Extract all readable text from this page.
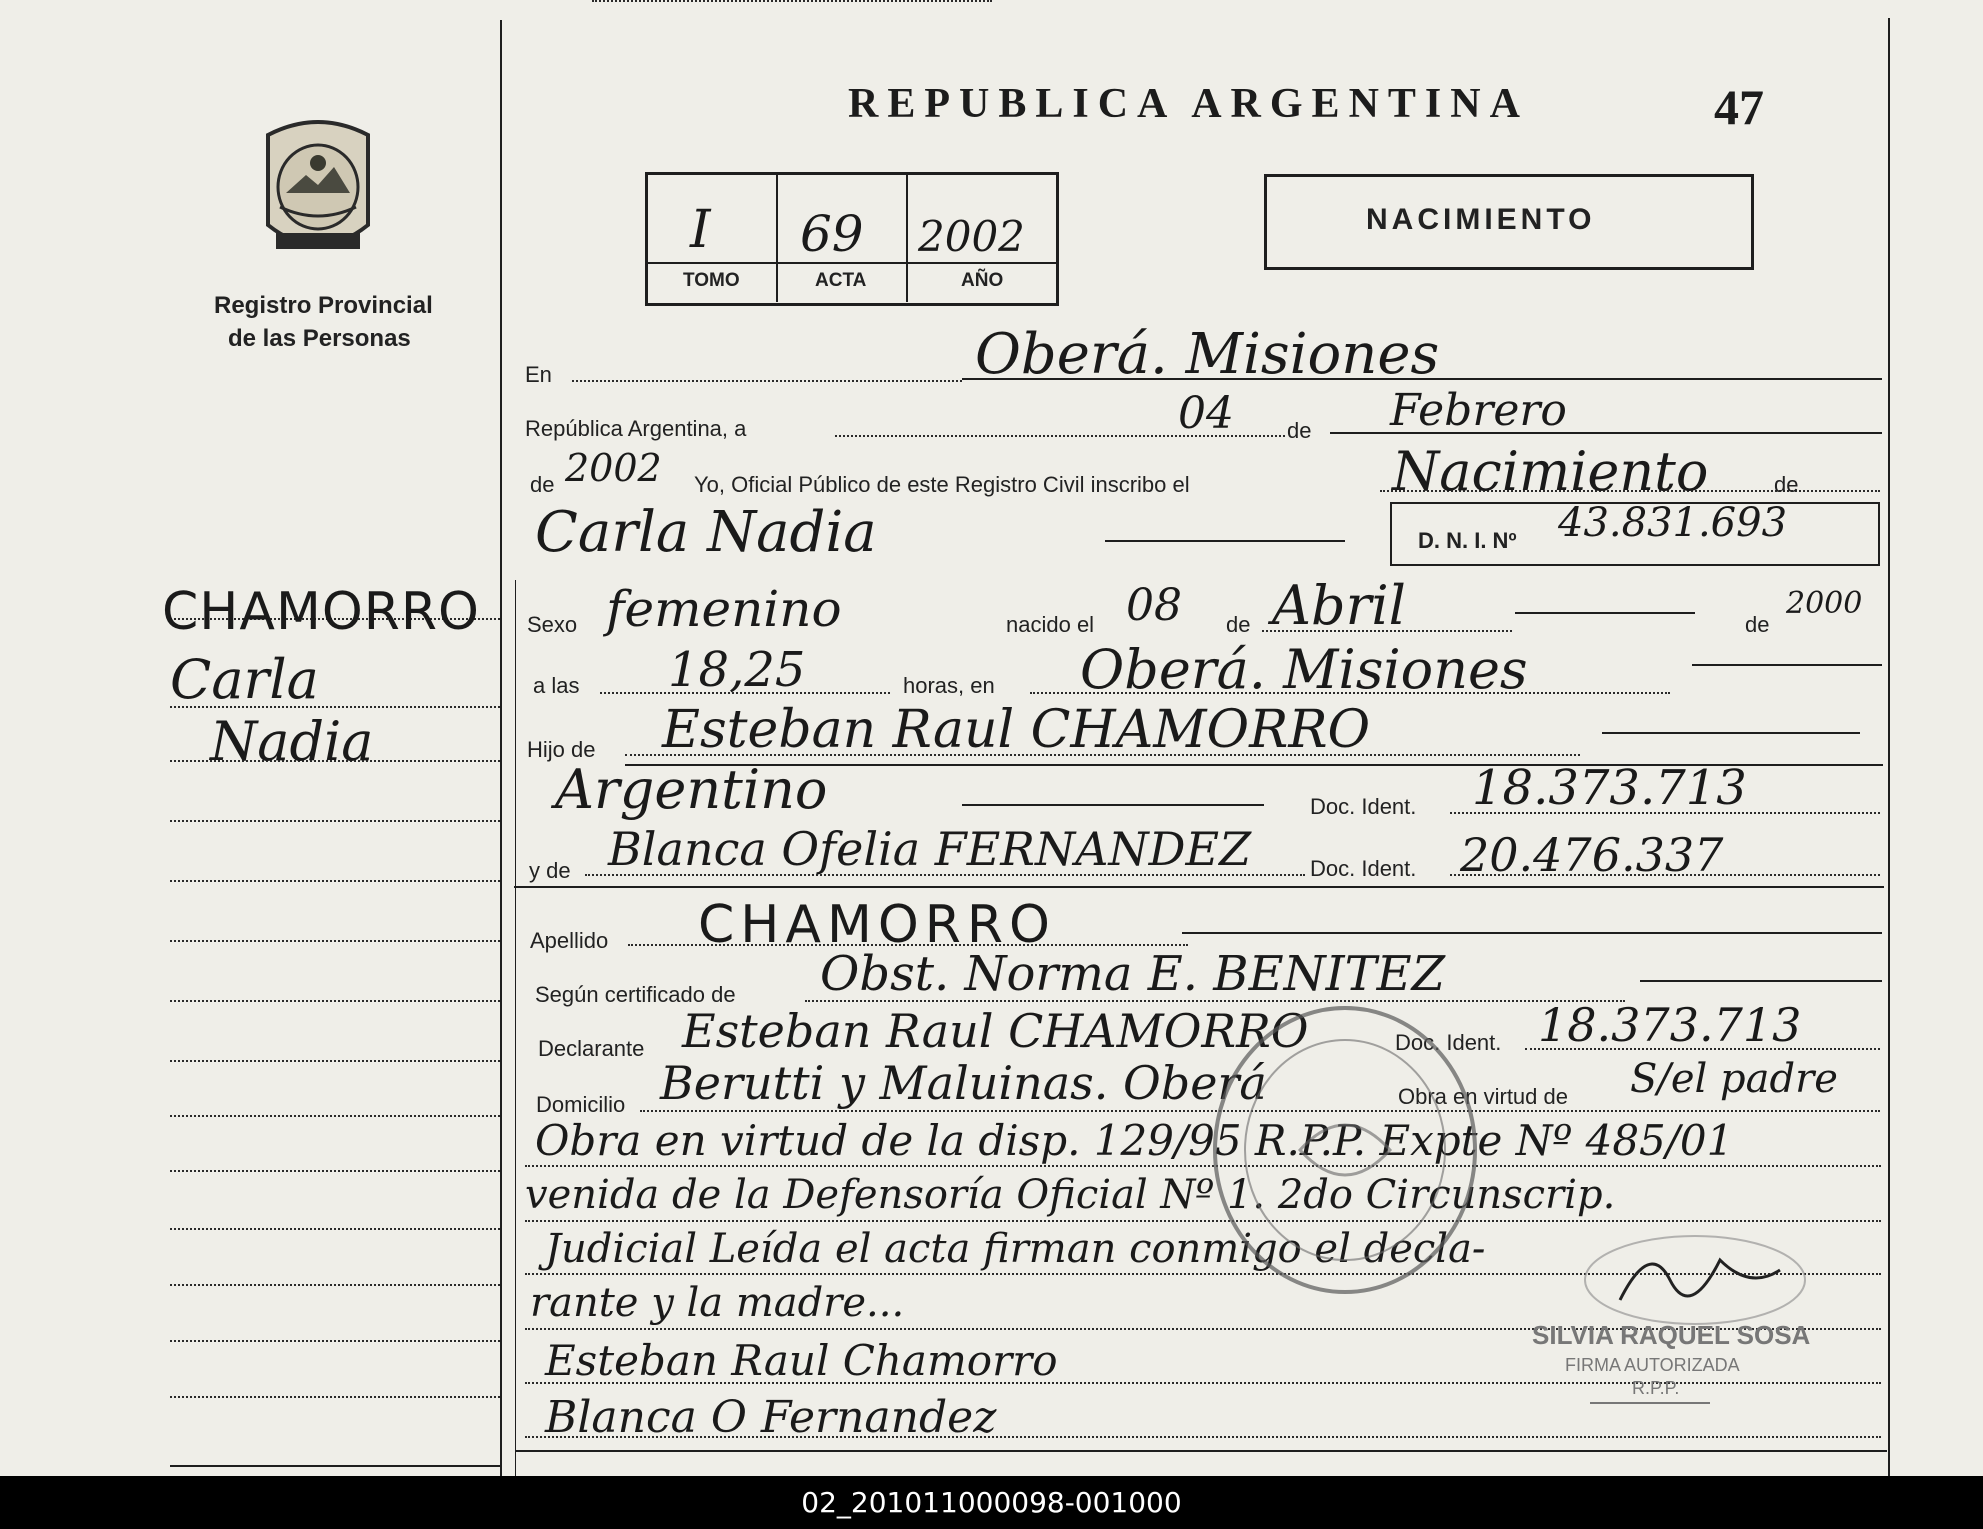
Registro Provincial
de las Personas
REPUBLICA ARGENTINA	47
I 69 2002
TOMO	ACTA	AÑO
NACIMIENTO
CHAMORRO
Carla
Nadia
En	Oberá. Misiones
República Argentina, a	04 de Febrero
de 2002 Yo, Oficial Público de este Registro Civil inscribo el	Nacimiento	de
Carla Nadia	D. N. I. Nº 43.831.693
Sexo femenino	nacido el 08 de Abril	de
2000
a las 18,25	horas, en Oberá. Misiones
Hijo de Esteban Raul CHAMORRO
Argentino	Doc. Ident. 18.373.713
y de Blanca Ofelia FERNANDEZ	Doc. Ident. 20.476.337
Apellido CHAMORRO
Según certificado de Obst. Norma E. BENITEZ
Declarante Esteban Raul CHAMORRO	Doc. Ident. 18.373.713
Domicilio Berutti y Maluinas. Oberá	Obra en virtud de S/el padre
Obra en virtud de la disp. 129/95 R.P.P. Expte Nº 485/01
venida de la Defensoría Oficial Nº 1. 2do Circunscrip.
Judicial Leída el acta firman conmigo el decla-
rante y la madre...
Esteban Raul Chamorro
Blanca O Fernandez
SILVIA RAQUEL SOSA
FIRMA AUTORIZADA
R.P.P.
02_201011000098-001000
